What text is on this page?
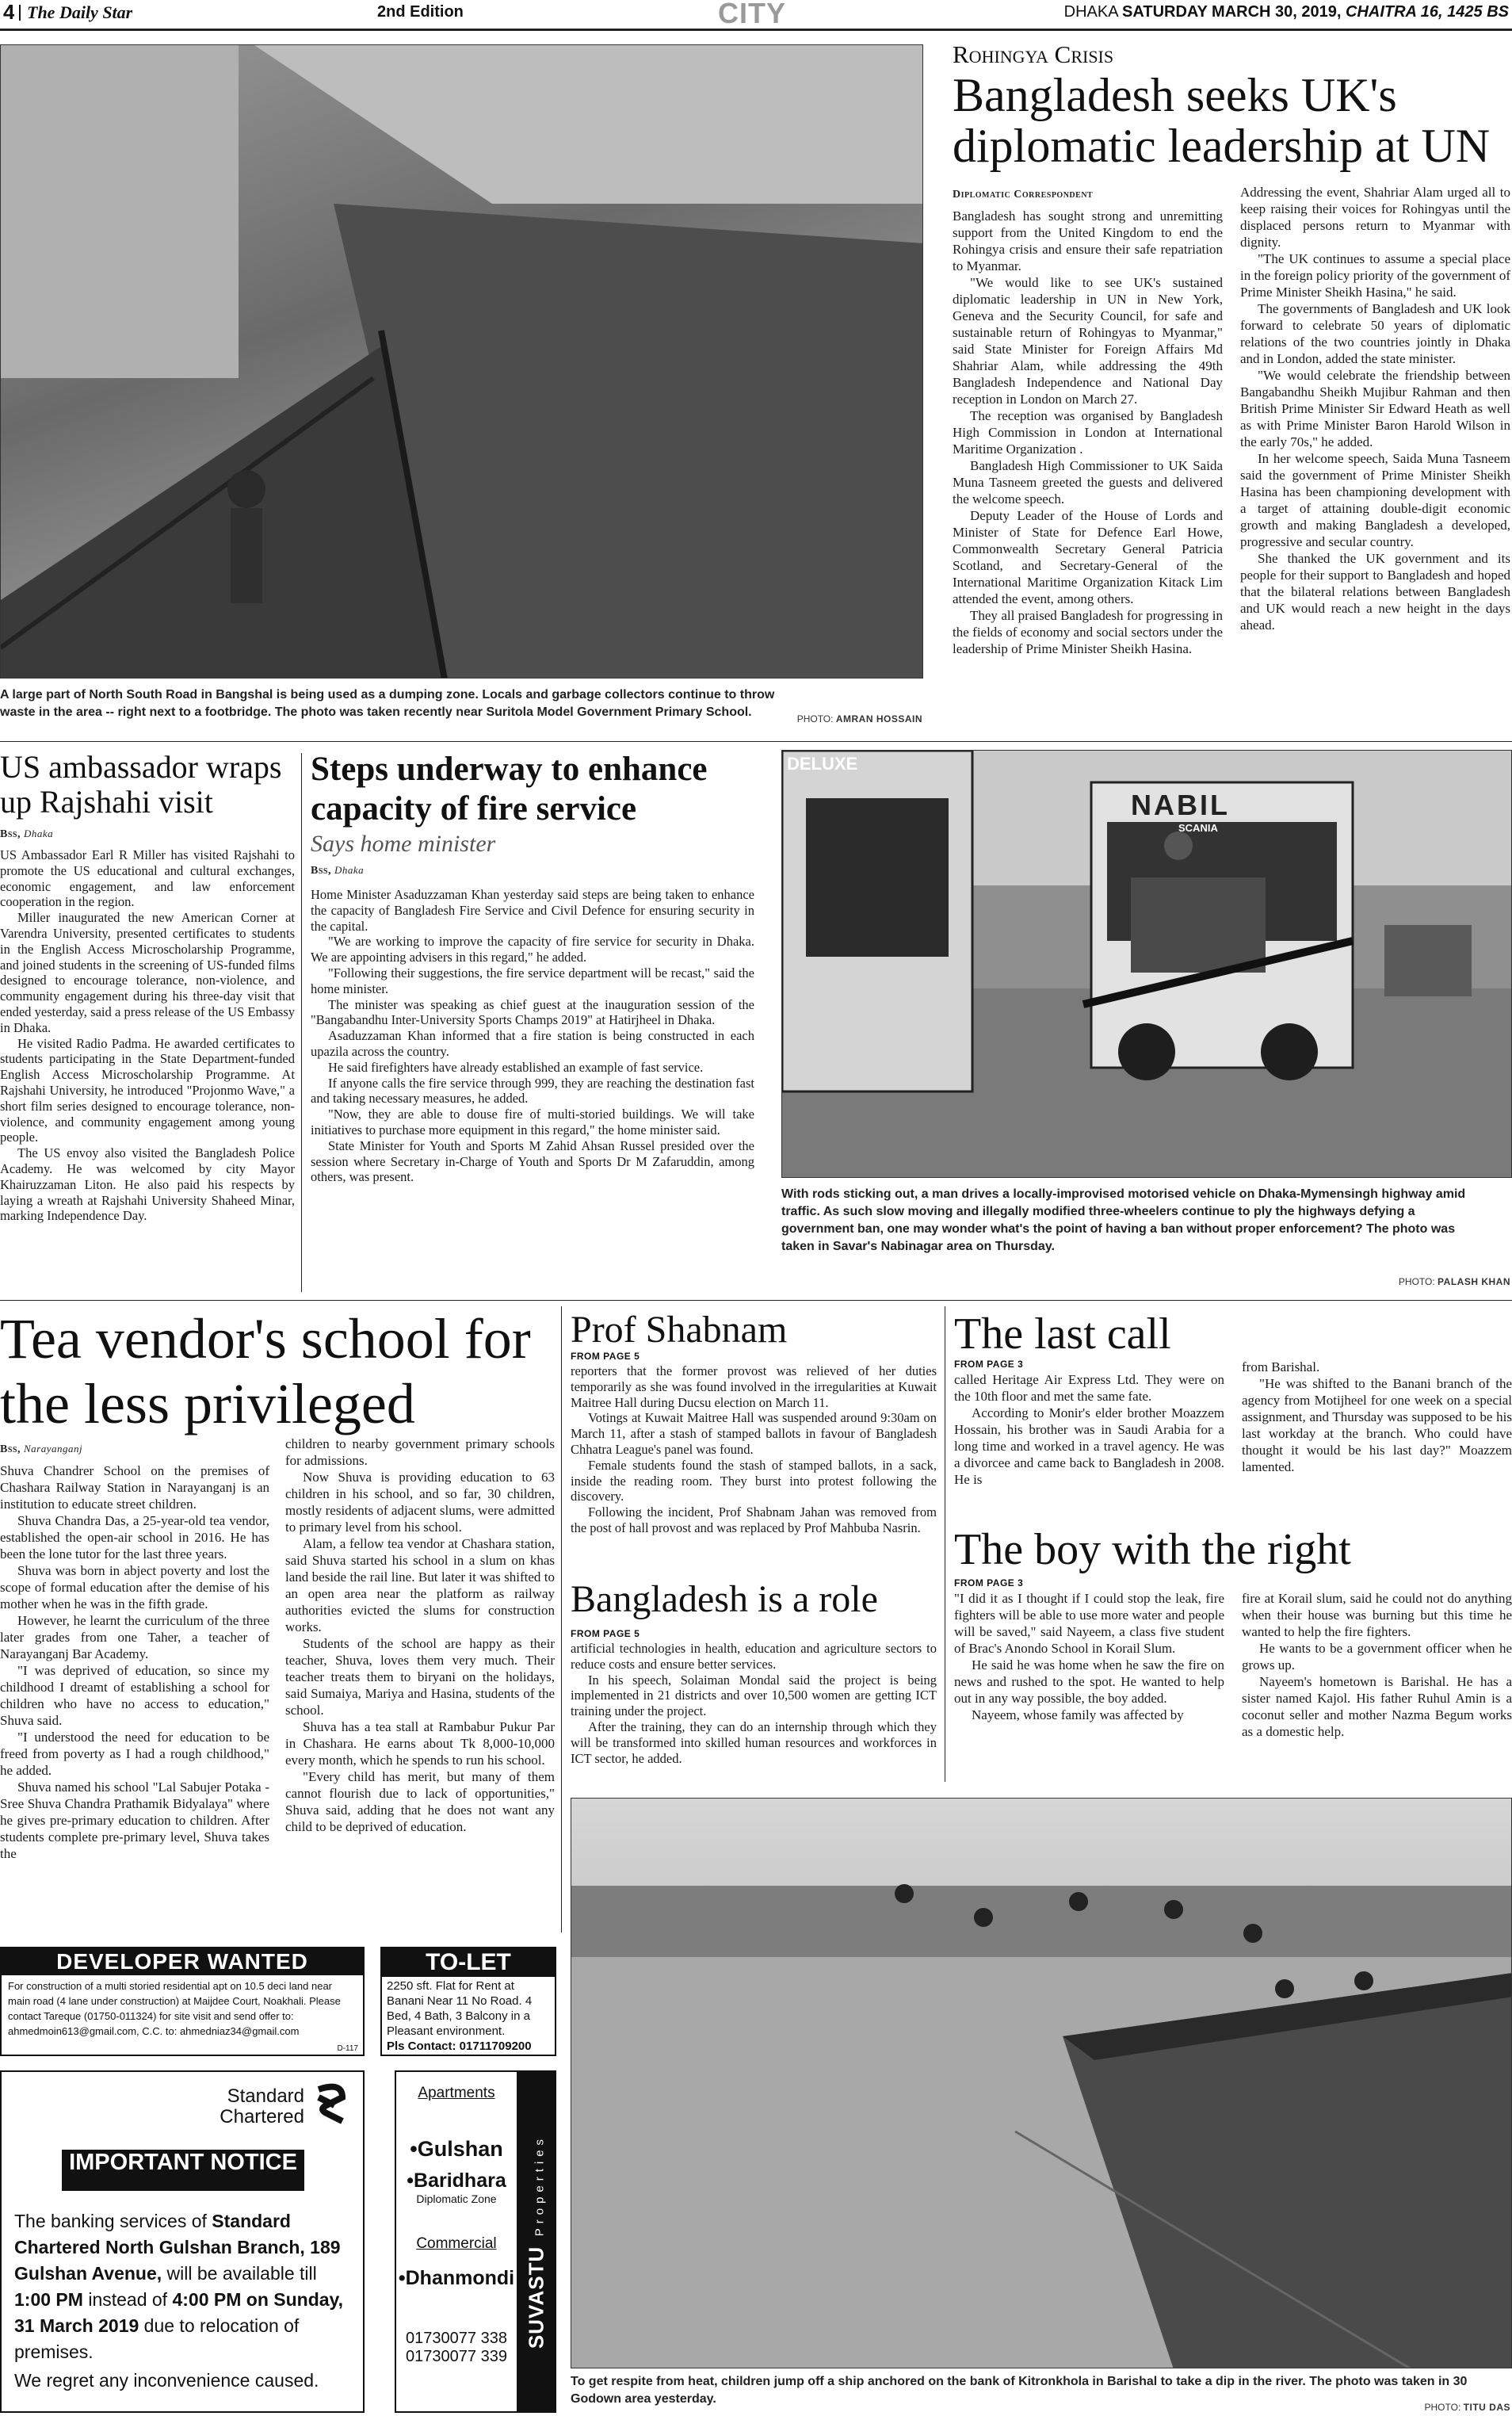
4 The Daily Star	2nd Edition	CITY	DHAKA SATURDAY MARCH 30, 2019, CHAITRA 16, 1425 BS
A large part of North South Road in Bangshal is being used as a dumping zone. Locals and garbage collectors continue to throw waste in the area -- right next to a footbridge. The photo was taken recently near Suritola Model Government Primary School.	PHOTO: AMRAN HOSSAIN
Rohingya Crisis
Bangladesh seeks UK's diplomatic leadership at UN
Diplomatic Correspondent

Bangladesh has sought strong and unremitting support from the United Kingdom to end the Rohingya crisis and ensure their safe repatriation to Myanmar.

"We would like to see UK's sustained diplomatic leadership in UN in New York, Geneva and the Security Council, for safe and sustainable return of Rohingyas to Myanmar," said State Minister for Foreign Affairs Md Shahriar Alam, while addressing the 49th Bangladesh Independence and National Day reception in London on March 27.

The reception was organised by Bangladesh High Commission in London at International Maritime Organization .

Bangladesh High Commissioner to UK Saida Muna Tasneem greeted the guests and delivered the welcome speech.

Deputy Leader of the House of Lords and Minister of State for Defence Earl Howe, Commonwealth Secretary General Patricia Scotland, and Secretary-General of the International Maritime Organization Kitack Lim attended the event, among others.

They all praised Bangladesh for progressing in the fields of economy and social sectors under the leadership of Prime Minister Sheikh Hasina.

Addressing the event, Shahriar Alam urged all to keep raising their voices for Rohingyas until the displaced persons return to Myanmar with dignity.

"The UK continues to assume a special place in the foreign policy priority of the government of Prime Minister Sheikh Hasina," he said.

The governments of Bangladesh and UK look forward to celebrate 50 years of diplomatic relations of the two countries jointly in Dhaka and in London, added the state minister.

"We would celebrate the friendship between Bangabandhu Sheikh Mujibur Rahman and then British Prime Minister Sir Edward Heath as well as with Prime Minister Baron Harold Wilson in the early 70s," he added.

In her welcome speech, Saida Muna Tasneem said the government of Prime Minister Sheikh Hasina has been championing development with a target of attaining double-digit economic growth and making Bangladesh a developed, progressive and secular country.

She thanked the UK government and its people for their support to Bangladesh and hoped that the bilateral relations between Bangladesh and UK would reach a new height in the days ahead.

US ambassador wraps up Rajshahi visit
Bss, Dhaka

US Ambassador Earl R Miller has visited Rajshahi to promote the US educational and cultural exchanges, economic engagement, and law enforcement cooperation in the region.

Miller inaugurated the new American Corner at Varendra University, presented certificates to students in the English Access Microscholarship Programme, and joined students in the screening of US-funded films designed to encourage tolerance, non-violence, and community engagement during his three-day visit that ended yesterday, said a press release of the US Embassy in Dhaka.

He visited Radio Padma. He awarded certificates to students participating in the State Department-funded English Access Microscholarship Programme. At Rajshahi University, he introduced "Projonmo Wave," a short film series designed to encourage tolerance, non-violence, and community engagement among young people.

The US envoy also visited the Bangladesh Police Academy. He was welcomed by city Mayor Khairuzzaman Liton. He also paid his respects by laying a wreath at Rajshahi University Shaheed Minar, marking Independence Day.

Steps underway to enhance capacity of fire service
Says home minister
Bss, Dhaka

Home Minister Asaduzzaman Khan yesterday said steps are being taken to enhance the capacity of Bangladesh Fire Service and Civil Defence for ensuring security in the capital.

"We are working to improve the capacity of fire service for security in Dhaka. We are appointing advisers in this regard," he added.

"Following their suggestions, the fire service department will be recast," said the home minister.

The minister was speaking as chief guest at the inauguration session of the "Bangabandhu Inter-University Sports Champs 2019" at Hatirjheel in Dhaka.

Asaduzzaman Khan informed that a fire station is being constructed in each upazila across the country.

He said firefighters have already established an example of fast service.

If anyone calls the fire service through 999, they are reaching the destination fast and taking necessary measures, he added.

"Now, they are able to douse fire of multi-storied buildings. We will take initiatives to purchase more equipment in this regard," the home minister said.

State Minister for Youth and Sports M Zahid Ahsan Russel presided over the session where Secretary in-Charge of Youth and Sports Dr M Zafaruddin, among others, was present.

DELUXE
NABIL
SCANIA
With rods sticking out, a man drives a locally-improvised motorised vehicle on Dhaka-Mymensingh highway amid traffic. As such slow moving and illegally modified three-wheelers continue to ply the highways defying a government ban, one may wonder what's the point of having a ban without proper enforcement? The photo was taken in Savar's Nabinagar area on Thursday.
PHOTO: PALASH KHAN
Tea vendor's school for the less privileged
Bss, Narayanganj

Shuva Chandrer School on the premises of Chashara Railway Station in Narayanganj is an institution to educate street children.

Shuva Chandra Das, a 25-year-old tea vendor, established the open-air school in 2016. He has been the lone tutor for the last three years.

Shuva was born in abject poverty and lost the scope of formal education after the demise of his mother when he was in the fifth grade.

However, he learnt the curriculum of the three later grades from one Taher, a teacher of Narayanganj Bar Academy.

"I was deprived of education, so since my childhood I dreamt of establishing a school for children who have no access to education," Shuva said.

"I understood the need for education to be freed from poverty as I had a rough childhood," he added.

Shuva named his school "Lal Sabujer Potaka - Sree Shuva Chandra Prathamik Bidyalaya" where he gives pre-primary education to children. After students complete pre-primary level, Shuva takes the

children to nearby government primary schools for admissions.

Now Shuva is providing education to 63 children in his school, and so far, 30 children, mostly residents of adjacent slums, were admitted to primary level from his school.

Alam, a fellow tea vendor at Chashara station, said Shuva started his school in a slum on khas land beside the rail line. But later it was shifted to an open area near the platform as railway authorities evicted the slums for construction works.

Students of the school are happy as their teacher, Shuva, loves them very much. Their teacher treats them to biryani on the holidays, said Sumaiya, Mariya and Hasina, students of the school.

Shuva has a tea stall at Rambabur Pukur Par in Chashara. He earns about Tk 8,000-10,000 every month, which he spends to run his school.

"Every child has merit, but many of them cannot flourish due to lack of opportunities," Shuva said, adding that he does not want any child to be deprived of education.

Prof Shabnam
FROM PAGE 5

reporters that the former provost was relieved of her duties temporarily as she was found involved in the irregularities at Kuwait Maitree Hall during Ducsu election on March 11.

Votings at Kuwait Maitree Hall was suspended around 9:30am on March 11, after a stash of stamped ballots in favour of Bangladesh Chhatra League's panel was found.

Female students found the stash of stamped ballots, in a sack, inside the reading room. They burst into protest following the discovery.

Following the incident, Prof Shabnam Jahan was removed from the post of hall provost and was replaced by Prof Mahbuba Nasrin.

Bangladesh is a role
FROM PAGE 5

artificial technologies in health, education and agriculture sectors to reduce costs and ensure better services.

In his speech, Solaiman Mondal said the project is being implemented in 21 districts and over 10,500 women are getting ICT training under the project.

After the training, they can do an internship through which they will be transformed into skilled human resources and workforces in ICT sector, he added.

The last call
FROM PAGE 3

called Heritage Air Express Ltd. They were on the 10th floor and met the same fate.

According to Monir's elder brother Moazzem Hossain, his brother was in Saudi Arabia for a long time and worked in a travel agency. He was a divorcee and came back to Bangladesh in 2008. He is

from Barishal.

"He was shifted to the Banani branch of the agency from Motijheel for one week on a special assignment, and Thursday was supposed to be his last workday at the branch. Who could have thought it would be his last day?" Moazzem lamented.

The boy with the right
FROM PAGE 3

"I did it as I thought if I could stop the leak, fire fighters will be able to use more water and people will be saved," said Nayeem, a class five student of Brac's Anondo School in Korail Slum.

He said he was home when he saw the fire on news and rushed to the spot. He wanted to help out in any way possible, the boy added.

Nayeem, whose family was affected by

fire at Korail slum, said he could not do anything when their house was burning but this time he wanted to help the fire fighters.

He wants to be a government officer when he grows up.

Nayeem's hometown is Barishal. He has a sister named Kajol. His father Ruhul Amin is a coconut seller and mother Nazma Begum works as a domestic help.

To get respite from heat, children jump off a ship anchored on the bank of Kitronkhola in Barishal to take a dip in the river. The photo was taken in 30 Godown area yesterday.
PHOTO: TITU DAS
DEVELOPER WANTED
For construction of a multi storied residential apt on 10.5 deci land near main road (4 lane under construction) at Maijdee Court, Noakhali. Please contact Tareque (01750-011324) for site visit and send offer to: ahmedmoin613@gmail.com, C.C. to: ahmedniaz34@gmail.com
D-117
TO-LET
2250 sft. Flat for Rent at Banani Near 11 No Road. 4 Bed, 4 Bath, 3 Balcony in a Pleasant environment.
Pls Contact: 01711709200
Standard
Chartered
IMPORTANT NOTICE
The banking services of Standard Chartered North Gulshan Branch, 189 Gulshan Avenue, will be available till 1:00 PM instead of 4:00 PM on Sunday, 31 March 2019 due to relocation of premises.
We regret any inconvenience caused.
Apartments
•Gulshan
•Baridhara
Diplomatic Zone
Commercial
•Dhanmondi
01730077 338
01730077 339
SUVASTU Properties
